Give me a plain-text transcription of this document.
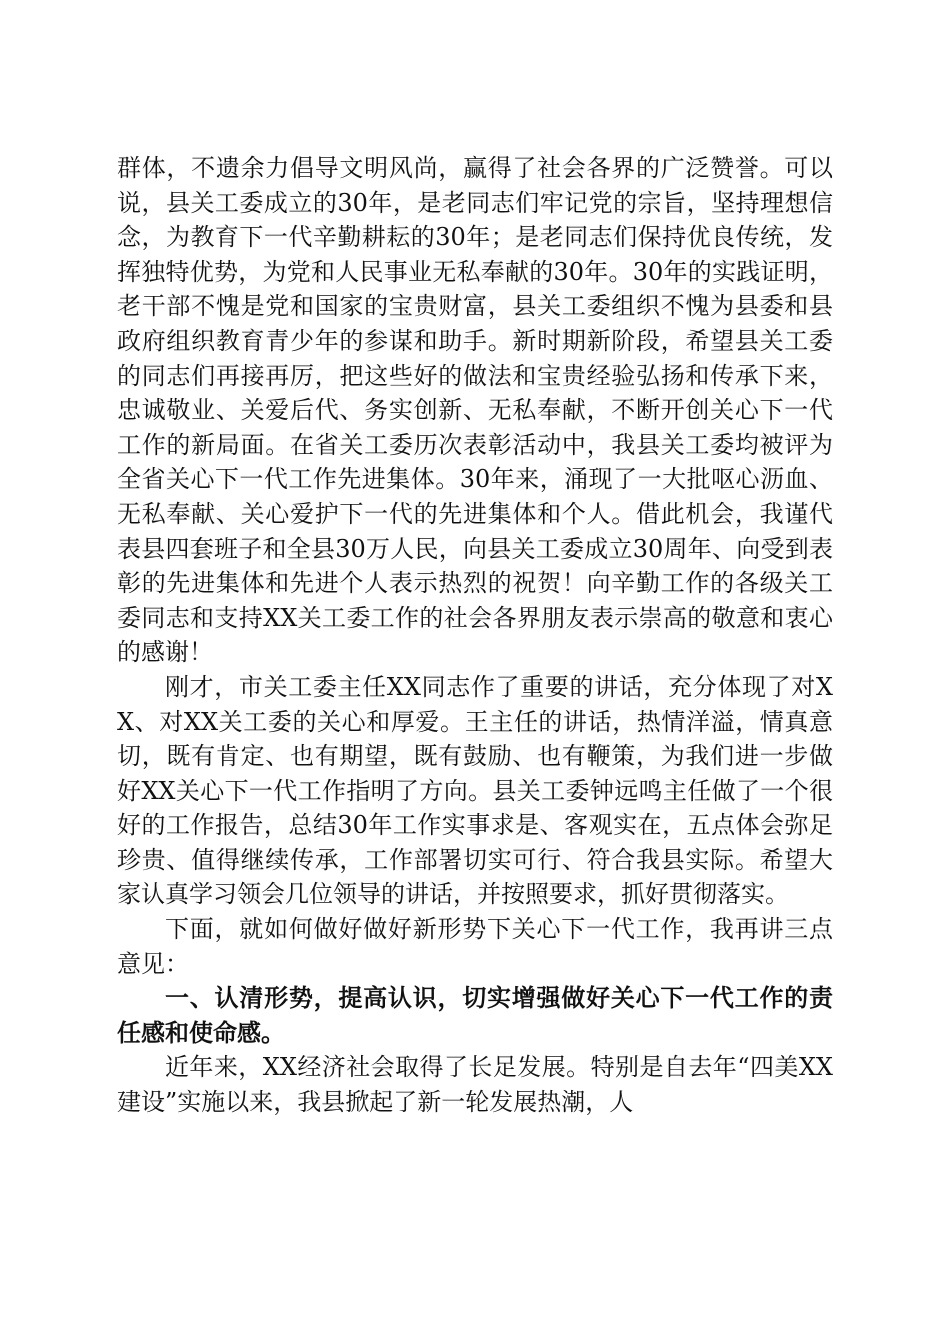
群体，不遗余力倡导文明风尚，赢得了社会各界的广泛赞誉。可以说，县关工委成立的30年，是老同志们牢记党的宗旨，坚持理想信念，为教育下一代辛勤耕耘的30年；是老同志们保持优良传统，发挥独特优势，为党和人民事业无私奉献的30年。30年的实践证明，老干部不愧是党和国家的宝贵财富，县关工委组织不愧为县委和县政府组织教育青少年的参谋和助手。新时期新阶段，希望县关工委的同志们再接再厉，把这些好的做法和宝贵经验弘扬和传承下来，忠诚敬业、关爱后代、务实创新、无私奉献，不断开创关心下一代工作的新局面。在省关工委历次表彰活动中，我县关工委均被评为全省关心下一代工作先进集体。30年来，涌现了一大批呕心沥血、无私奉献、关心爱护下一代的先进集体和个人。借此机会，我谨代表县四套班子和全县30万人民，向县关工委成立30周年、向受到表彰的先进集体和先进个人表示热烈的祝贺！向辛勤工作的各级关工委同志和支持XX关工委工作的社会各界朋友表示崇高的敬意和衷心的感谢！

刚才，市关工委主任XX同志作了重要的讲话，充分体现了对XX、对XX关工委的关心和厚爱。王主任的讲话，热情洋溢，情真意切，既有肯定、也有期望，既有鼓励、也有鞭策，为我们进一步做好XX关心下一代工作指明了方向。县关工委钟远鸣主任做了一个很好的工作报告，总结30年工作实事求是、客观实在，五点体会弥足珍贵、值得继续传承，工作部署切实可行、符合我县实际。希望大家认真学习领会几位领导的讲话，并按照要求，抓好贯彻落实。

下面，就如何做好做好新形势下关心下一代工作，我再讲三点意见：

一、认清形势，提高认识，切实增强做好关心下一代工作的责任感和使命感。

近年来，XX经济社会取得了长足发展。特别是自去年“四美XX建设”实施以来，我县掀起了新一轮发展热潮，人
